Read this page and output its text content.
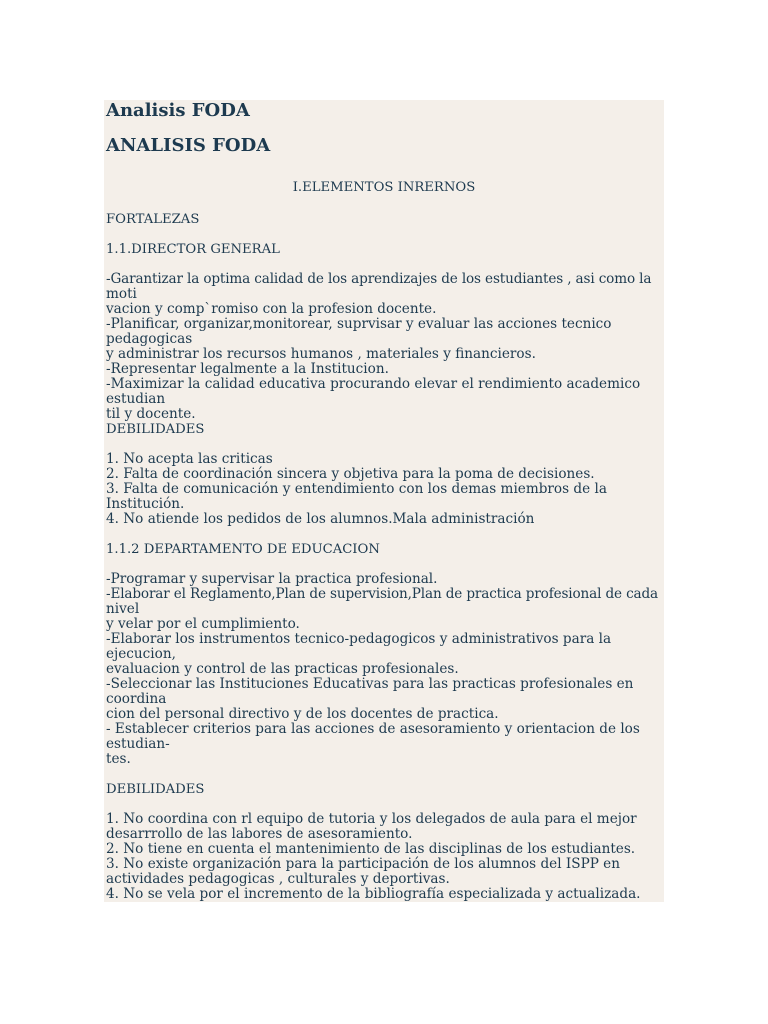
Analisis FODA
ANALISIS FODA
I.ELEMENTOS INRERNOS
FORTALEZAS
1.1.DIRECTOR GENERAL
-Garantizar la optima calidad de los aprendizajes de los estudiantes , asi como la
moti
vacion y comp`romiso con la profesion docente.
-Planificar, organizar,monitorear, suprvisar y evaluar las acciones tecnico
pedagogicas
y administrar los recursos humanos , materiales y financieros.
-Representar legalmente a la Institucion.
-Maximizar la calidad educativa procurando elevar el rendimiento academico
estudian
til y docente.
DEBILIDADES
1. No acepta las criticas
2. Falta de coordinación sincera y objetiva para la poma de decisiones.
3. Falta de comunicación y entendimiento con los demas miembros de la
Institución.
4. No atiende los pedidos de los alumnos.Mala administración
1.1.2 DEPARTAMENTO DE EDUCACION
-Programar y supervisar la practica profesional.
-Elaborar el Reglamento,Plan de supervision,Plan de practica profesional de cada
nivel
y velar por el cumplimiento.
-Elaborar los instrumentos tecnico-pedagogicos y administrativos para la
ejecucion,
evaluacion y control de las practicas profesionales.
-Seleccionar las Instituciones Educativas para las practicas profesionales en
coordina
cion del personal directivo y de los docentes de practica.
- Establecer criterios para las acciones de asesoramiento y orientacion de los
estudian-
tes.
DEBILIDADES
1. No coordina con rl equipo de tutoria y los delegados de aula para el mejor
desarrrollo de las labores de asesoramiento.
2. No tiene en cuenta el mantenimiento de las disciplinas de los estudiantes.
3. No existe organización para la participación de los alumnos del ISPP en
actividades pedagogicas , culturales y deportivas.
4. No se vela por el incremento de la bibliografía especializada y actualizada.
